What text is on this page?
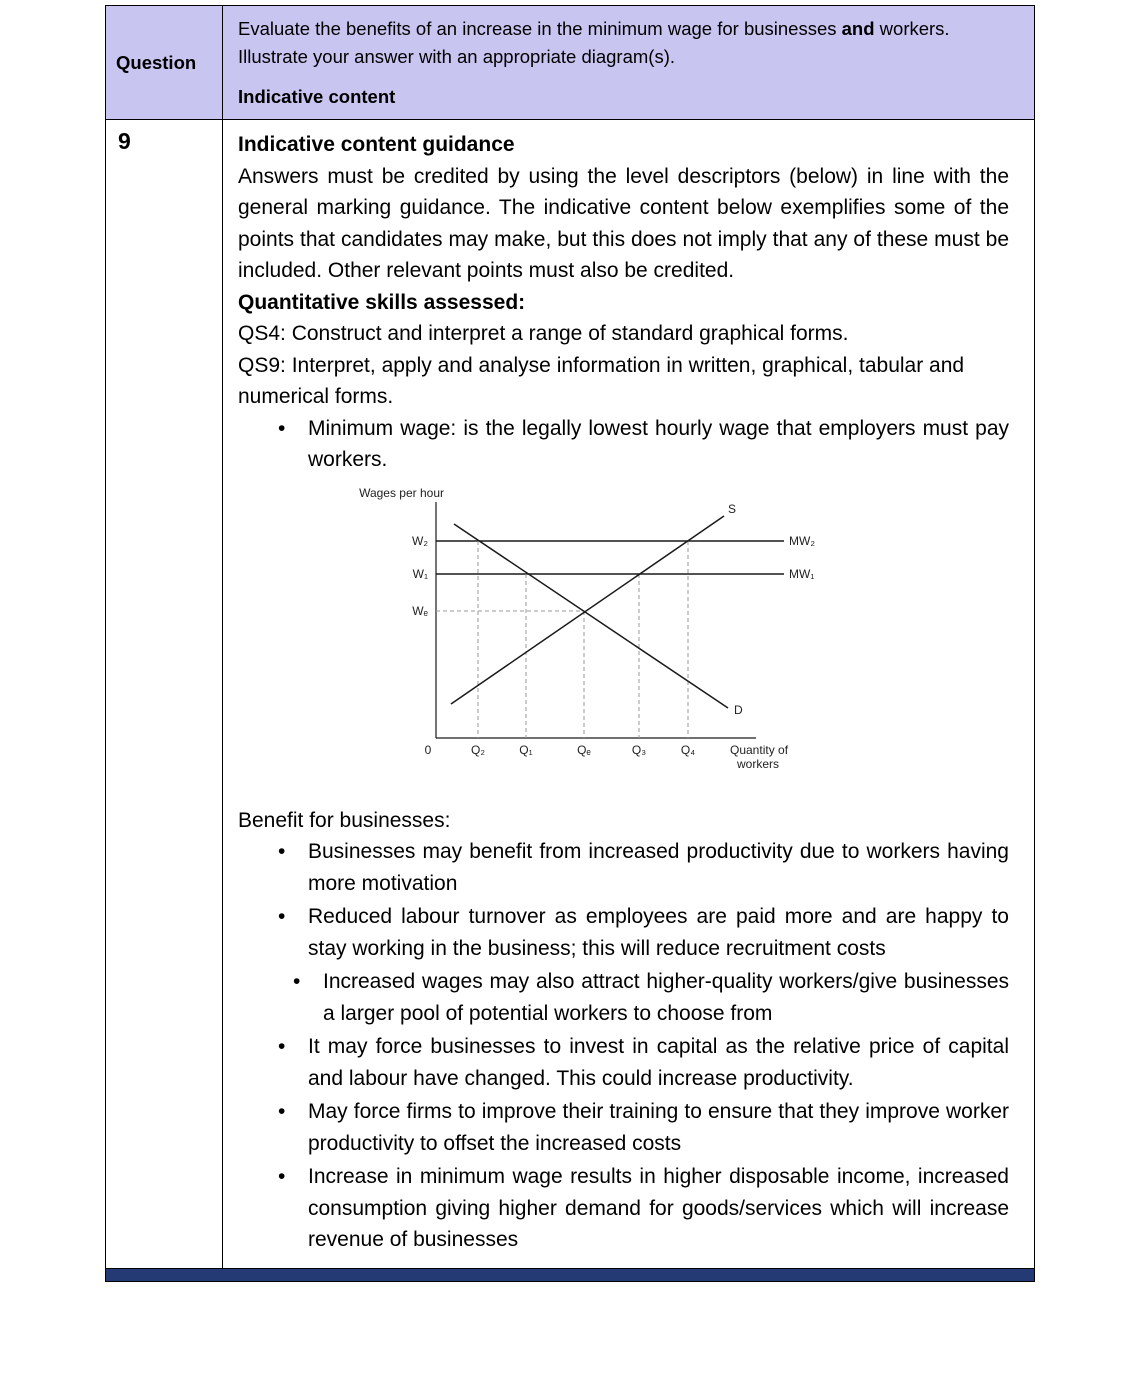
Question

Evaluate the benefits of an increase in the minimum wage for businesses and workers.  Illustrate your answer with an appropriate diagram(s).

Indicative content

9	Indicative content guidance

Answers must be credited by using the level descriptors (below) in line with the general marking guidance. The indicative content below exemplifies some of the points that candidates may make, but this does not imply that any of these must be included. Other relevant points must also be credited.

Quantitative skills assessed:

QS4: Construct and interpret a range of standard graphical forms.

QS9: Interpret, apply and analyse information in written, graphical, tabular and numerical forms.

•	Minimum wage: is the legally lowest hourly wage that employers must pay workers.
Wages per hour
W₂
W₁
Wₑ
MW₂
MW₁
S
D
0	Q₂	Q₁	Qₑ	Q₃	Q₄	Quantity of
workers

Benefit for businesses:

•	Businesses may benefit from increased productivity due to workers having more motivation
•	Reduced labour turnover as employees are paid more and are happy to stay working in the business; this will reduce recruitment costs
•	Increased wages may also attract higher-quality workers/give businesses a larger pool of potential workers to choose from
•	It may force businesses to invest in capital as the relative price of capital and labour have changed. This could increase productivity.
•	May force firms to improve their training to ensure that they improve worker productivity to offset the increased costs
•	Increase in minimum wage results in higher disposable income, increased consumption giving higher demand for goods/services which will increase revenue of businesses
